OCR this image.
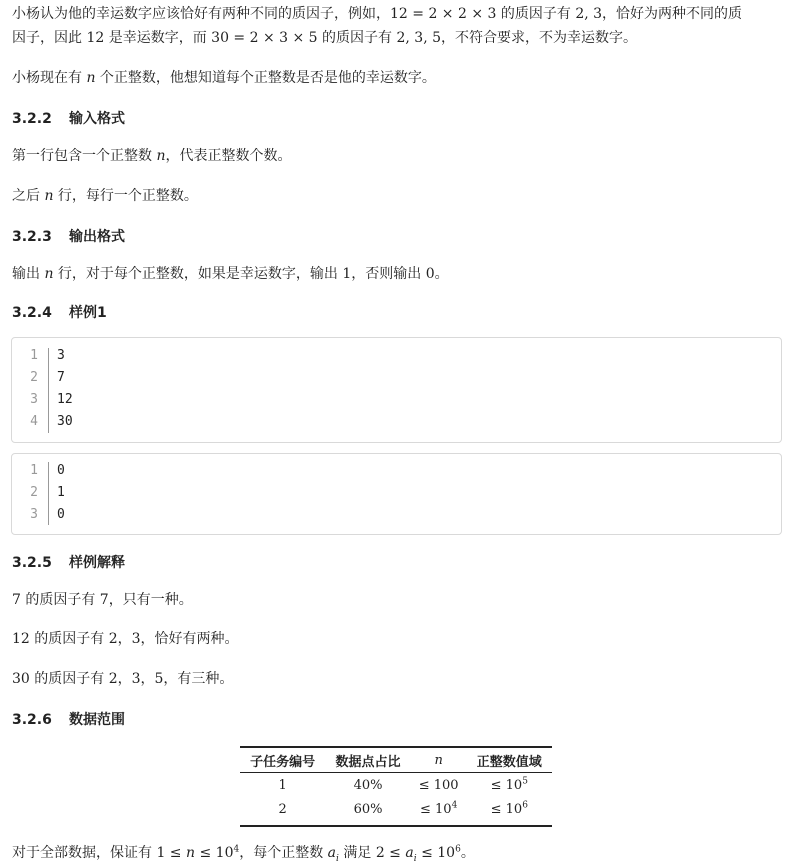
小杨认为他的幸运数字应该恰好有两种不同的质因子，例如，12 = 2 × 2 × 3 的质因子有 2, 3，恰好为两种不同的质
因子，因此 12 是幸运数字，而 30 = 2 × 3 × 5 的质因子有 2, 3, 5，不符合要求，不为幸运数字。
小杨现在有 n 个正整数，他想知道每个正整数是否是他的幸运数字。
3.2.2 输入格式
第一行包含一个正整数 n，代表正整数个数。
之后 n 行，每行一个正整数。
3.2.3 输出格式
输出 n 行，对于每个正整数，如果是幸运数字，输出 1，否则输出 0。
3.2.4 样例1
1 3
2 7
3 12
4 30
1 0
2 1
3 0
3.2.5 样例解释
7 的质因子有 7，只有一种。
12 的质因子有 2，3，恰好有两种。
30 的质因子有 2，3，5，有三种。
3.2.6 数据范围
子任务编号	数据点占比	n	正整数值域
1	40%	≤ 100	≤ $10^5$
2	60%	≤ $10^4$	≤ $10^6$
对于全部数据，保证有 $1 \le n \le 10^4$，每个正整数 $a_i$ 满足 $2 \le a_i \le 10^6$。
